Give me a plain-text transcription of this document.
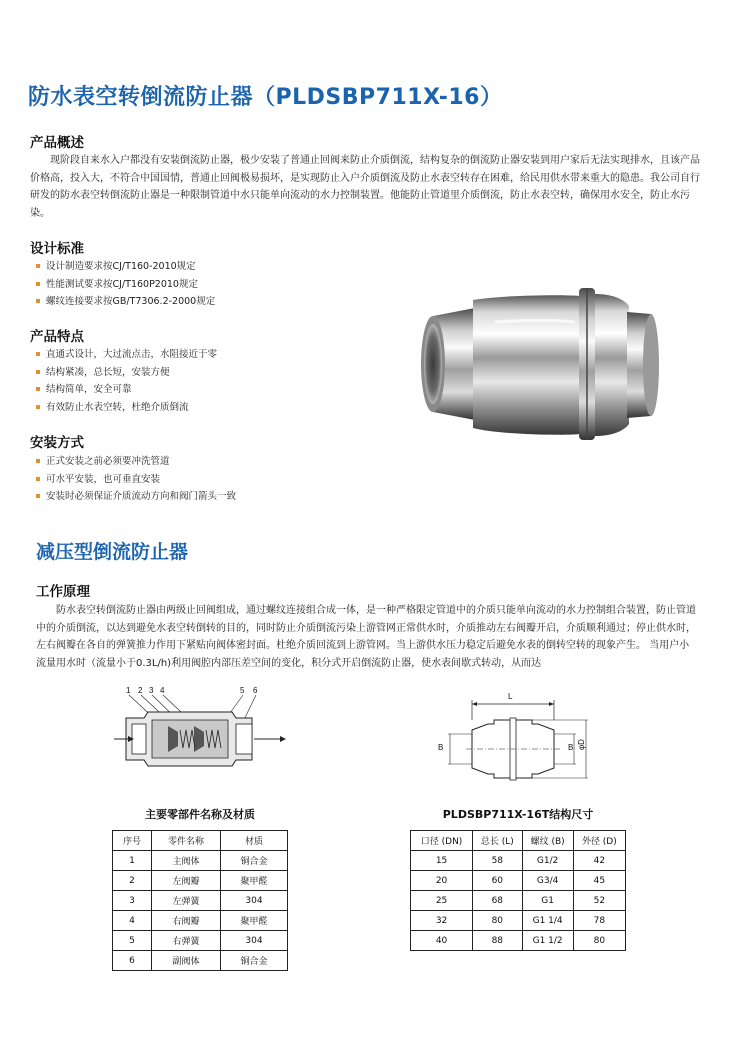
防水表空转倒流防止器（PLDSBP711X-16）
产品概述

现阶段自来水入户都没有安装倒流防止器，极少安装了普通止回阀来防止介质倒流，结构复杂的倒流防止器安装到用户家后无法实现排水，且该产品价格高，投入大，不符合中国国情，普通止回阀极易损坏，是实现防止入户介质倒流及防止水表空转存在困难，给民用供水带来重大的隐患。我公司自行研发的防水表空转倒流防止器是一种限制管道中水只能单向流动的水力控制装置。他能防止管道里介质倒流，防止水表空转，确保用水安全，防止水污染。

设计标准
设计制造要求按CJ/T160-2010规定
性能测试要求按CJ/T160P2010规定
螺纹连接要求按GB/T7306.2-2000规定
产品特点
直通式设计，大过流点击，水阻接近于零
结构紧凑，总长短，安装方便
结构简单，安全可靠
有效防止水表空转，杜绝介质倒流
安装方式
正式安装之前必须要冲洗管道
可水平安装，也可垂直安装
安装时必须保证介质流动方向和阀门箭头一致
减压型倒流防止器
工作原理

防水表空转倒流防止器由两级止回阀组成，通过螺纹连接组合成一体，是一种严格限定管道中的介质只能单向流动的水力控制组合装置，防止管道中的介质倒流，以达到避免水表空转倒转的目的，同时防止介质倒流污染上游管网正常供水时，介质推动左右阀瓣开启，介质顺利通过；停止供水时，左右阀瓣在各自的弹簧推力作用下紧贴向阀体密封面。杜绝介质回流到上游管网。当上游供水压力稳定后避免水表的倒转空转的现象产生。 当用户小流量用水时（流量小于0.3L/h)利用阀腔内部压差空间的变化，积分式开启倒流防止器，使水表间歇式转动，从而达

1 2 3 4	5 6
L
B	B φD
主要零部件名称及材质
序号	零件名称	材质
1	主阀体	铜合金
2	左阀瓣	聚甲醛
3	左弹簧	304
4	右阀瓣	聚甲醛
5	右弹簧	304
6	副阀体	铜合金
PLDSBP711X-16T结构尺寸
口径 (DN)	总长 (L)	螺纹 (B)	外径 (D)
15	58	G1/2	42
20	60	G3/4	45
25	68	G1	52
32	80	G1 1/4	78
40	88	G1 1/2	80
